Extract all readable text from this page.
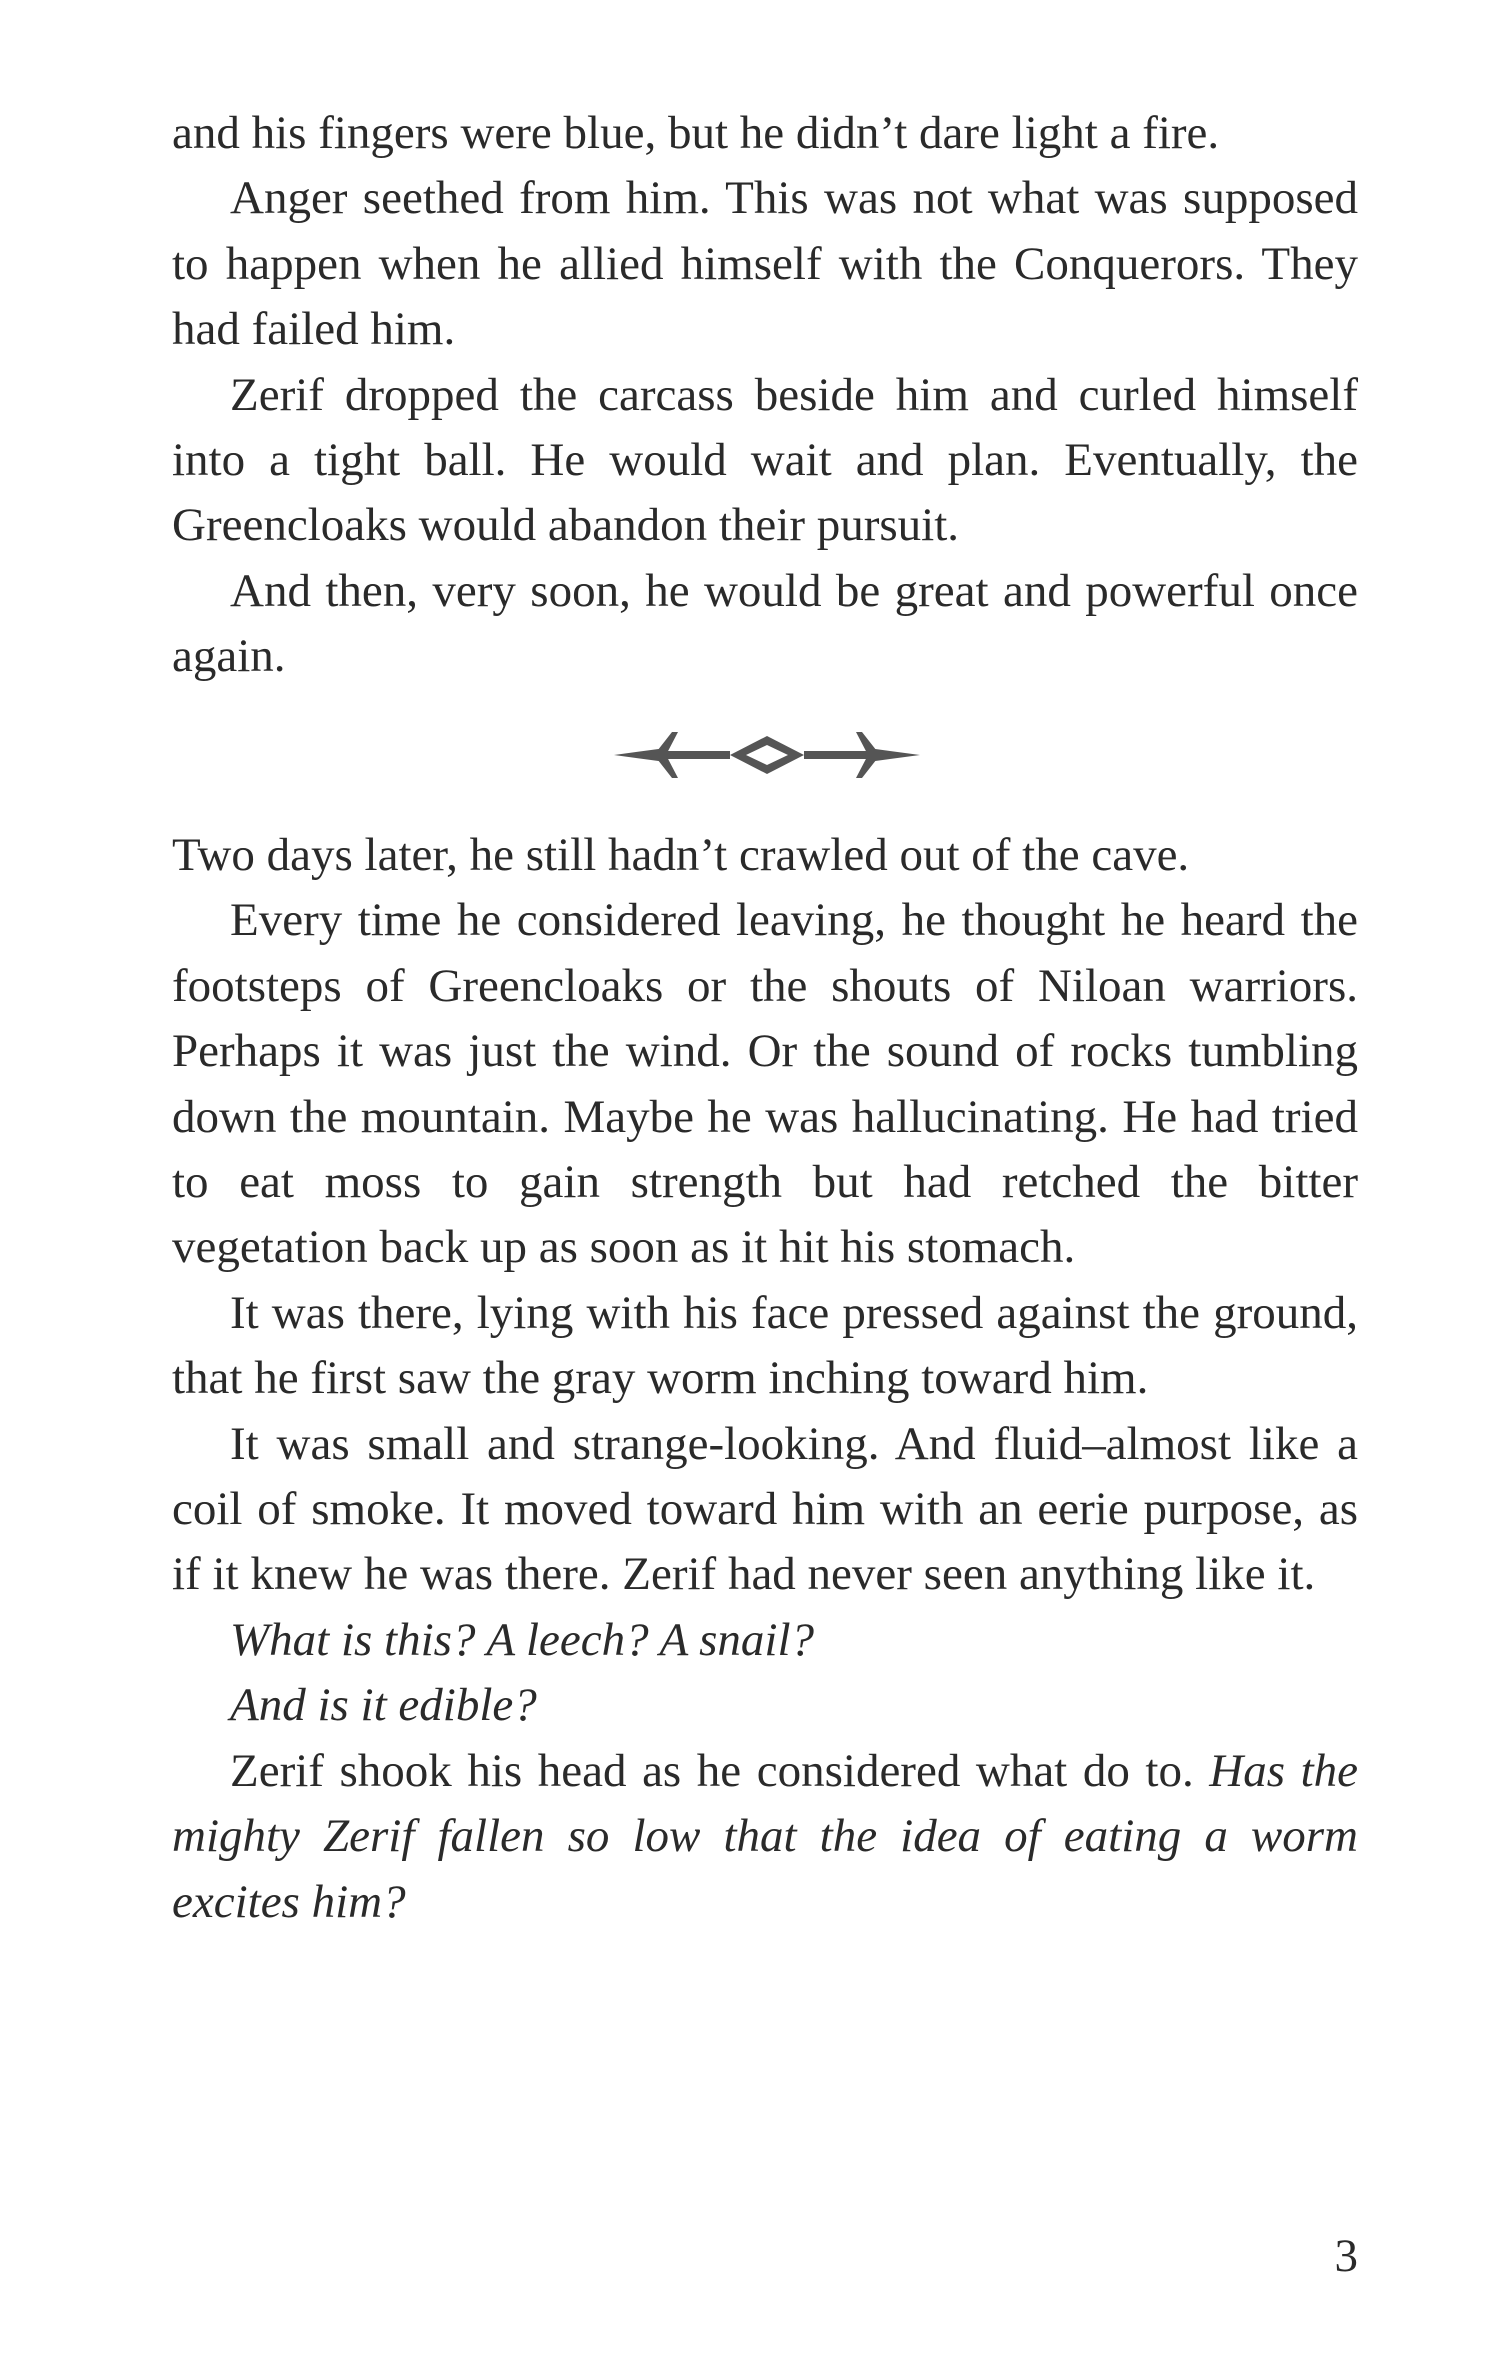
and his fingers were blue, but he didn’t dare light a fire.

Anger seethed from him. This was not what was supposed to happen when he allied himself with the Conquerors. They had failed him.

Zerif dropped the carcass beside him and curled himself into a tight ball. He would wait and plan. Eventually, the Greencloaks would abandon their pursuit.

And then, very soon, he would be great and powerful once again.

Two days later, he still hadn’t crawled out of the cave.

Every time he considered leaving, he thought he heard the footsteps of Greencloaks or the shouts of Niloan warriors. Perhaps it was just the wind. Or the sound of rocks tumbling down the mountain. Maybe he was hallucinating. He had tried to eat moss to gain strength but had retched the bitter vegetation back up as soon as it hit his stomach.

It was there, lying with his face pressed against the ground, that he first saw the gray worm inching toward him.

It was small and strange-looking. And fluid–almost like a coil of smoke. It moved toward him with an eerie purpose, as if it knew he was there. Zerif had never seen anything like it.

What is this? A leech? A snail?

And is it edible?

Zerif shook his head as he considered what do to. Has the mighty Zerif fallen so low that the idea of eating a worm excites him?

3
